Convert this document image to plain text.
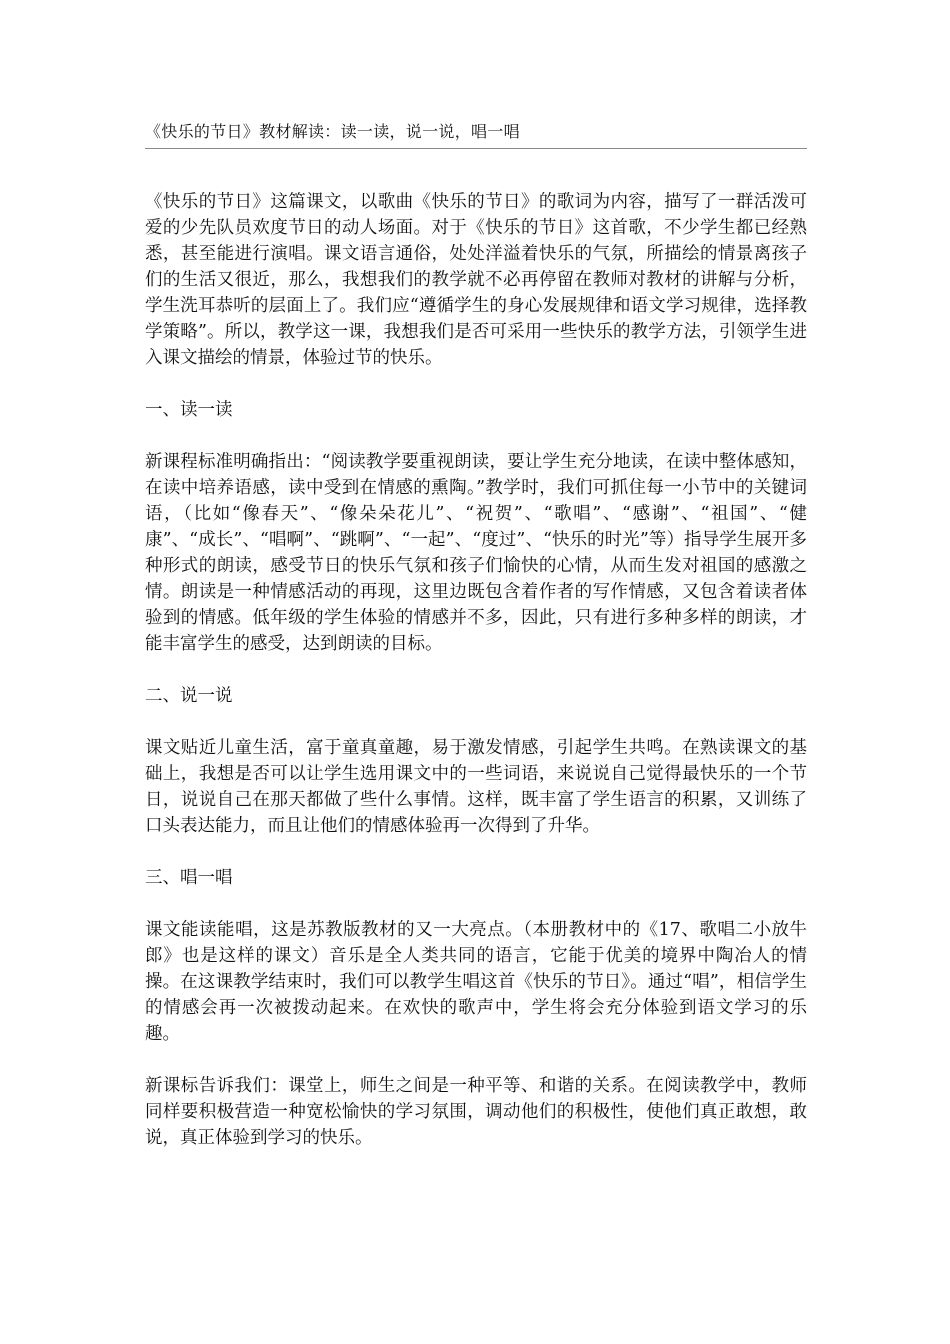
《快乐的节日》教材解读：读一读，说一说，唱一唱

《快乐的节日》这篇课文，以歌曲《快乐的节日》的歌词为内容，描写了一群活泼可爱的少先队员欢度节日的动人场面。对于《快乐的节日》这首歌，不少学生都已经熟悉，甚至能进行演唱。课文语言通俗，处处洋溢着快乐的气氛，所描绘的情景离孩子们的生活又很近，那么，我想我们的教学就不必再停留在教师对教材的讲解与分析，学生洗耳恭听的层面上了。我们应“遵循学生的身心发展规律和语文学习规律，选择教学策略”。所以，教学这一课，我想我们是否可采用一些快乐的教学方法，引领学生进入课文描绘的情景，体验过节的快乐。

一、读一读

新课程标准明确指出：“阅读教学要重视朗读，要让学生充分地读，在读中整体感知，在读中培养语感，读中受到在情感的熏陶。”教学时，我们可抓住每一小节中的关键词语，（比如“像春天”、“像朵朵花儿”、“祝贺”、“歌唱”、“感谢”、“祖国”、“健康”、“成长”、“唱啊”、“跳啊”、“一起”、“度过”、“快乐的时光”等）指导学生展开多种形式的朗读，感受节日的快乐气氛和孩子们愉快的心情，从而生发对祖国的感激之情。朗读是一种情感活动的再现，这里边既包含着作者的写作情感，又包含着读者体验到的情感。低年级的学生体验的情感并不多，因此，只有进行多种多样的朗读，才能丰富学生的感受，达到朗读的目标。

二、说一说

课文贴近儿童生活，富于童真童趣，易于激发情感，引起学生共鸣。在熟读课文的基础上，我想是否可以让学生选用课文中的一些词语，来说说自己觉得最快乐的一个节日，说说自己在那天都做了些什么事情。这样，既丰富了学生语言的积累，又训练了口头表达能力，而且让他们的情感体验再一次得到了升华。

三、唱一唱

课文能读能唱，这是苏教版教材的又一大亮点。（本册教材中的《17、歌唱二小放牛郎》也是这样的课文）音乐是全人类共同的语言，它能于优美的境界中陶冶人的情操。在这课教学结束时，我们可以教学生唱这首《快乐的节日》。通过“唱”，相信学生的情感会再一次被拨动起来。在欢快的歌声中，学生将会充分体验到语文学习的乐趣。

新课标告诉我们：课堂上，师生之间是一种平等、和谐的关系。在阅读教学中，教师同样要积极营造一种宽松愉快的学习氛围，调动他们的积极性，使他们真正敢想，敢说，真正体验到学习的快乐。
